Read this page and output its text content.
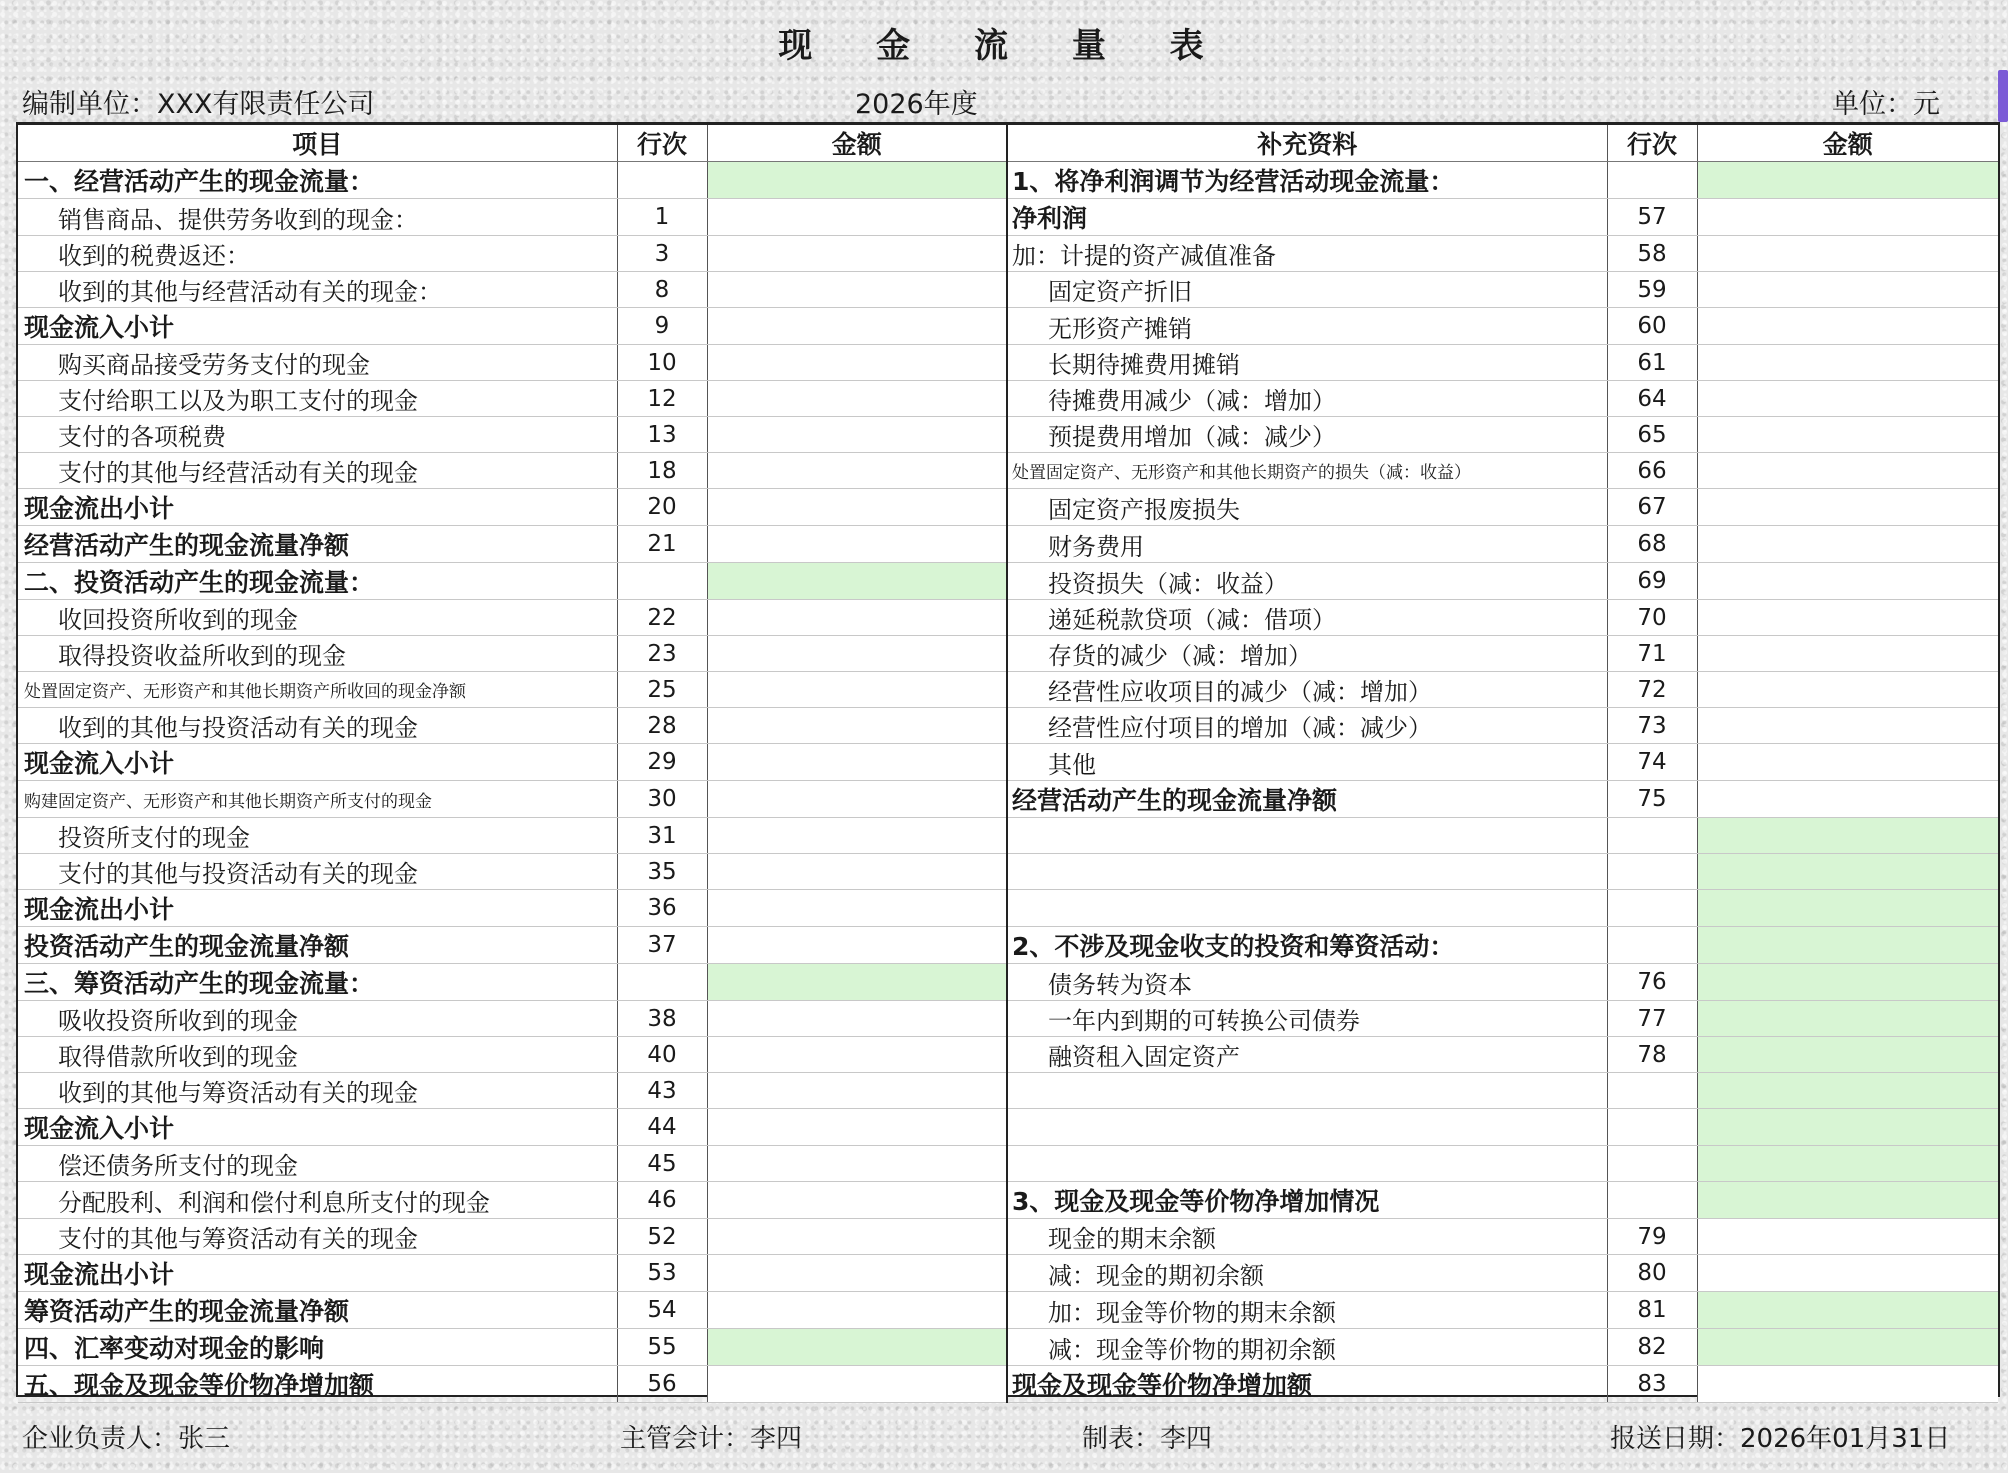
现 金 流 量 表
编制单位：XXX有限责任公司	2026年度	单位：元
项目	行次	金额	补充资料	行次	金额
一、经营活动产生的现金流量：			1、将净利润调节为经营活动现金流量：		
销售商品、提供劳务收到的现金：	1		净利润	57	
收到的税费返还：	3		加：计提的资产减值准备	58	
收到的其他与经营活动有关的现金：	8		固定资产折旧	59	
现金流入小计	9		无形资产摊销	60	
购买商品接受劳务支付的现金	10		长期待摊费用摊销	61	
支付给职工以及为职工支付的现金	12		待摊费用减少（减：增加）	64	
支付的各项税费	13		预提费用增加（减：减少）	65	
支付的其他与经营活动有关的现金	18		处置固定资产、无形资产和其他长期资产的损失（减：收益）	66	
现金流出小计	20		固定资产报废损失	67	
经营活动产生的现金流量净额	21		财务费用	68	
二、投资活动产生的现金流量：			投资损失（减：收益）	69	
收回投资所收到的现金	22		递延税款贷项（减：借项）	70	
取得投资收益所收到的现金	23		存货的减少（减：增加）	71	
处置固定资产、无形资产和其他长期资产所收回的现金净额	25		经营性应收项目的减少（减：增加）	72	
收到的其他与投资活动有关的现金	28		经营性应付项目的增加（减：减少）	73	
现金流入小计	29		其他	74	
购建固定资产、无形资产和其他长期资产所支付的现金	30		经营活动产生的现金流量净额	75	
投资所支付的现金	31				
支付的其他与投资活动有关的现金	35				
现金流出小计	36				
投资活动产生的现金流量净额	37		2、不涉及现金收支的投资和筹资活动：		
三、筹资活动产生的现金流量：			债务转为资本	76	
吸收投资所收到的现金	38		一年内到期的可转换公司债券	77	
取得借款所收到的现金	40		融资租入固定资产	78	
收到的其他与筹资活动有关的现金	43				
现金流入小计	44				
偿还债务所支付的现金	45				
分配股利、利润和偿付利息所支付的现金	46		3、现金及现金等价物净增加情况		
支付的其他与筹资活动有关的现金	52		现金的期末余额	79	
现金流出小计	53		减：现金的期初余额	80	
筹资活动产生的现金流量净额	54		加：现金等价物的期末余额	81	
四、汇率变动对现金的影响	55		减：现金等价物的期初余额	82	
五、现金及现金等价物净增加额	56		现金及现金等价物净增加额	83	
企业负责人：张三	主管会计：李四	制表：李四	报送日期：2026年01月31日
